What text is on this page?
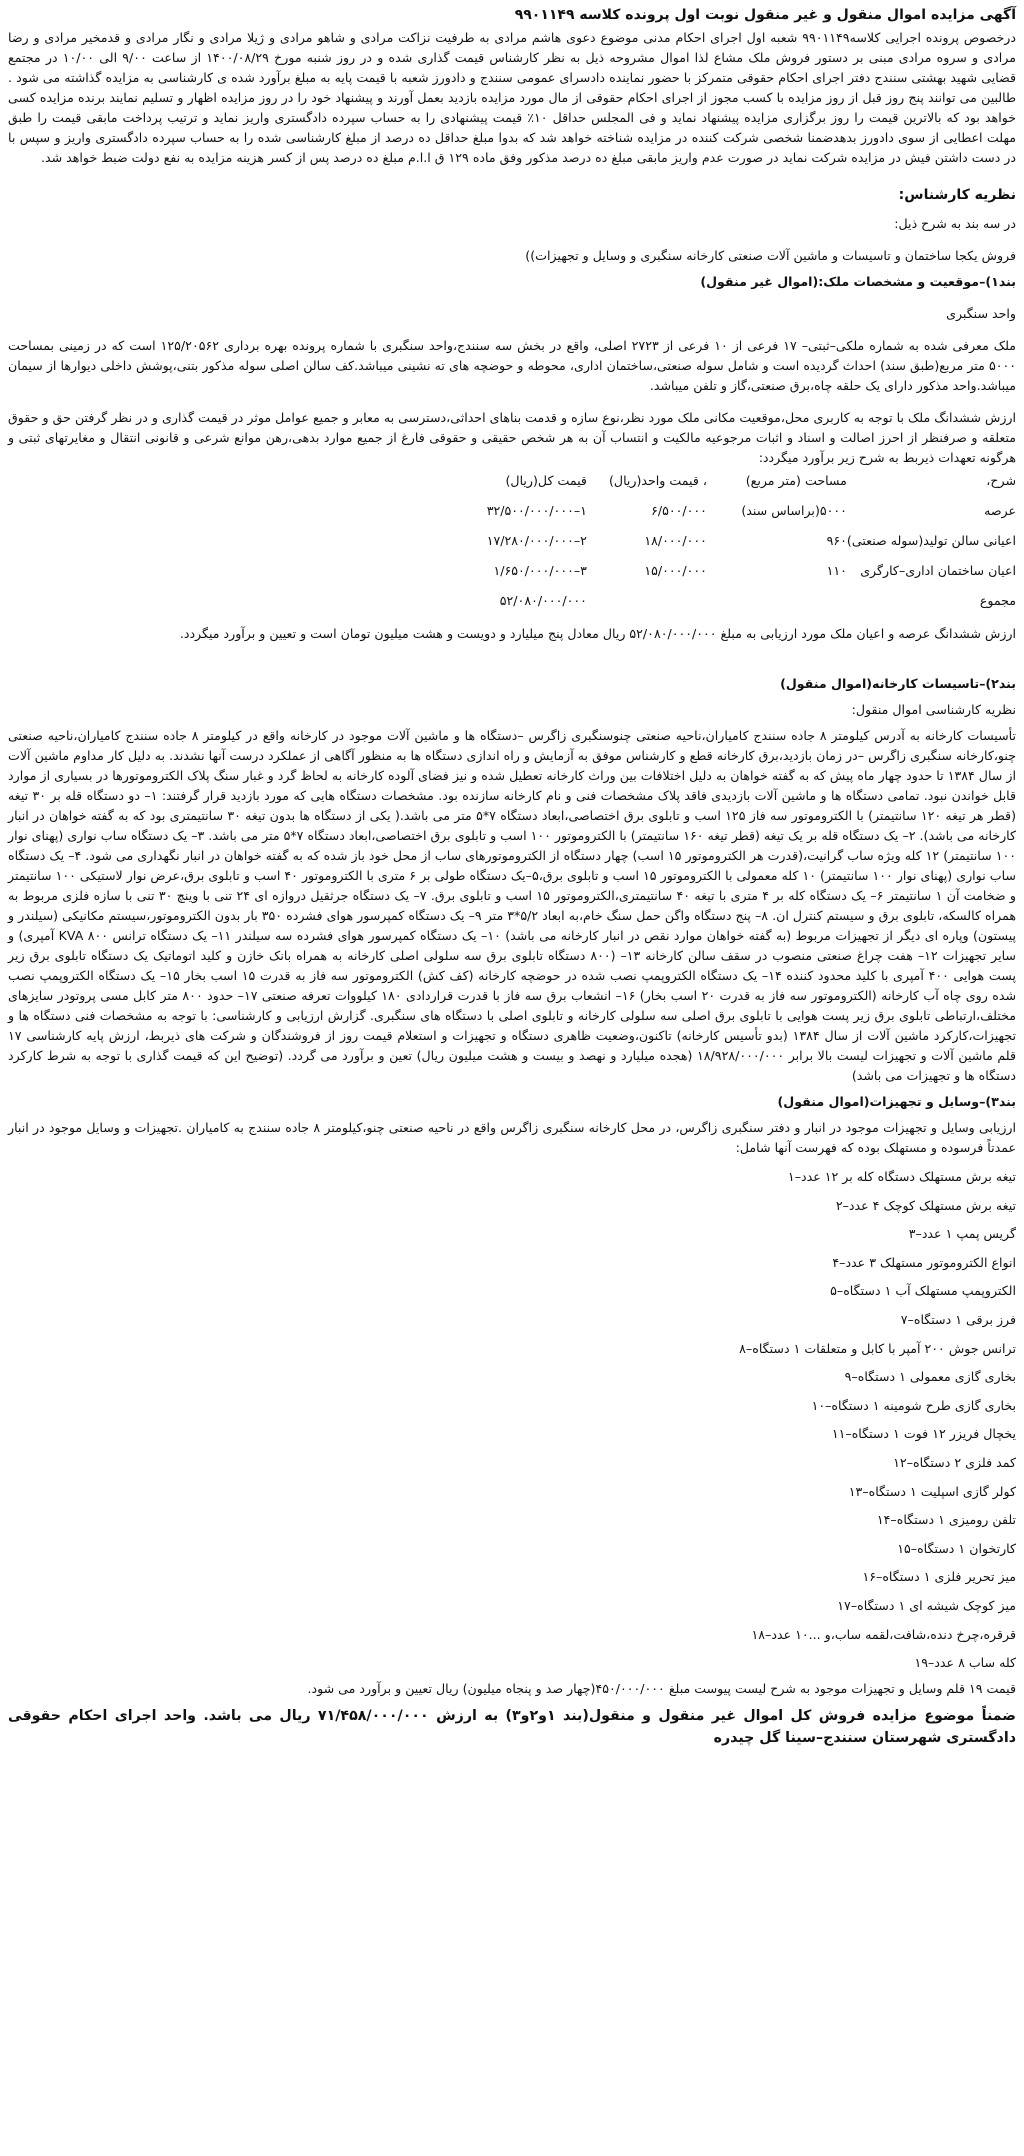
آگهی مزایده اموال منقول و غیر منقول نوبت اول پرونده کلاسه ۹۹۰۱۱۴۹

درخصوص پرونده اجرایی کلاسه۹۹۰۱۱۴۹ شعبه اول اجرای احکام مدنی موضوع دعوی هاشم مرادی به طرفیت نزاکت مرادی و شاهو مرادی و ژیلا مرادی و نگار مرادی و قدمخیر مرادی و رضا مرادی و سروه مرادی مبنی بر دستور فروش ملک مشاع لذا اموال مشروحه ذیل به نظر کارشناس قیمت گذاری شده و در روز شنبه مورخ ۱۴۰۰/۰۸/۲۹ از ساعت ۹/۰۰ الی ۱۰/۰۰ در مجتمع قضایی شهید بهشتی سنندج دفتر اجرای احکام حقوقی متمرکز با حضور نماینده دادسرای عمومی سنندج و دادورز شعبه با قیمت پایه به مبلغ برآورد شده ی کارشناسی به مزایده گذاشته می شود . طالبین می توانند پنج روز قبل از روز مزایده با کسب مجوز از اجرای احکام حقوقی از مال مورد مزایده بازدید بعمل آورند و پیشنهاد خود را در روز مزایده اظهار و تسلیم نمایند برنده مزایده کسی خواهد بود که بالاترین قیمت را روز برگزاری مزایده پیشنهاد نماید و فی المجلس حداقل ۱۰٪ قیمت پیشنهادی را به حساب سپرده دادگستری واریز نماید و ترتیب پرداخت مابقی قیمت را طبق مهلت اعطایی از سوی دادورز بدهدضمنا شخصی شرکت کننده در مزایده شناخته خواهد شد که بدوا مبلغ حداقل ده درصد از مبلغ کارشناسی شده را به حساب سپرده دادگستری واریز و سپس با در دست داشتن فیش در مزایده شرکت نماید در صورت عدم واریز مابقی مبلغ ده درصد مذکور وفق ماده ۱۲۹ ق ا.ا.م مبلغ ده درصد پس از کسر هزینه مزایده به نفع دولت ضبط خواهد شد.

نظریه کارشناس:

در سه بند به شرح ذیل:

فروش یکجا ساختمان و تاسیسات و ماشین آلات صنعتی کارخانه سنگبری و وسایل و تجهیزات))

بند۱)–موقعیت و مشخصات ملک:(اموال غیر منقول)

واحد سنگبری

ملک معرفی شده به شماره ملکی–ثبتی– ۱۷ فرعی از ۱۰ فرعی از ۲۷۲۳ اصلی، واقع در بخش سه سنندج،واحد سنگبری با شماره پرونده بهره برداری ۱۲۵/۲۰۵۶۲ است که در زمینی بمساحت ۵۰۰۰ متر مربع(طبق سند) احداث گردیده است و شامل سوله صنعتی،ساختمان اداری، محوطه و حوضچه های ته نشینی میباشد.کف سالن اصلی سوله مذکور بتنی،پوشش داخلی دیوارها از سیمان میباشد.واحد مذکور دارای یک حلقه چاه،برق صنعتی،گاز و تلفن میباشد.

ارزش ششدانگ ملک با توجه به کاربری محل،موقعیت مکانی ملک مورد نظر،نوع سازه و قدمت بناهای احداثی،دسترسی به معابر و جمیع عوامل موثر در قیمت گذاری و در نظر گرفتن حق و حقوق متعلقه و صرفنظر از احرز اصالت و اسناد و اثبات مرجوعیه مالکیت و انتساب آن به هر شخص حقیقی و حقوقی فارغ از جمیع موارد بدهی،رهن موانع شرعی و قانونی انتقال و مغایرتهای ثبتی و هرگونه تعهدات ذیربط به شرح زیر برآورد میگردد:

شرح،	مساحت (متر مربع)	، قیمت واحد(ریال)	قیمت کل(ریال)
عرصه	۵۰۰۰(براساس سند)	۶/۵۰۰/۰۰۰	۱–۳۲/۵۰۰/۰۰۰/۰۰۰
اعیانی سالن تولید(سوله صنعتی)	۹۶۰	۱۸/۰۰۰/۰۰۰	۲–۱۷/۲۸۰/۰۰۰/۰۰۰
اعیان ساختمان اداری–کارگری	۱۱۰	۱۵/۰۰۰/۰۰۰	۳–۱/۶۵۰/۰۰۰/۰۰۰
مجموع			۵۲/۰۸۰/۰۰۰/۰۰۰

ارزش ششدانگ عرصه و اعیان ملک مورد ارزیابی به مبلغ ۵۲/۰۸۰/۰۰۰/۰۰۰ ریال معادل پنج میلیارد و دویست و هشت میلیون تومان است و تعیین و برآورد میگردد.

بند۲)–تاسیسات کارخانه(اموال منقول)

نظریه کارشناسی اموال منقول:

تأسیسات کارخانه به آدرس کیلومتر ۸ جاده سنندج کامیاران،ناحیه صنعتی چنوسنگبری زاگرس –دستگاه ها و ماشین آلات موجود در کارخانه واقع در کیلومتر ۸ جاده سنندج کامیاران،ناحیه صنعتی چنو،کارخانه سنگبری زاگرس –در زمان بازدید،برق کارخانه قطع و کارشناس موفق به آزمایش و راه اندازی دستگاه ها به منظور آگاهی از عملکرد درست آنها نشدند. به دلیل کار مداوم ماشین آلات از سال ۱۳۸۴ تا حدود چهار ماه پیش که به گفته خواهان به دلیل اختلافات بین وراث کارخانه تعطیل شده و نیز فضای آلوده کارخانه به لحاظ گرد و غبار سنگ پلاک الکتروموتورها در بسیاری از موارد قابل خواندن نبود. تمامی دستگاه ها و ماشین آلات بازدیدی فاقد پلاک مشخصات فنی و نام کارخانه سازنده بود. مشخصات دستگاه هایی که مورد بازدید قرار گرفتند: ۱– دو دستگاه قله بر ۳۰ تیغه (قطر هر تیغه ۱۲۰ سانتیمتر) با الکتروموتور سه فاز ۱۲۵ اسب و تابلوی برق اختصاصی،ابعاد دستگاه ۷*۵ متر می باشد.( یکی از دستگاه ها بدون تیغه ۳۰ سانتیمتری بود که به گفته خواهان در انبار کارخانه می باشد). ۲– یک دستگاه قله بر یک تیغه (قطر تیغه ۱۶۰ سانتیمتر) با الکتروموتور ۱۰۰ اسب و تابلوی برق اختصاصی،ابعاد دستگاه ۷*۵ متر می باشد. ۳– یک دستگاه ساب نواری (پهنای نوار ۱۰۰ سانتیمتر) ۱۲ کله ویژه ساب گرانیت،(قدرت هر الکتروموتور ۱۵ اسب) چهار دستگاه از الکتروموتورهای ساب از محل خود باز شده که به گفته خواهان در انبار نگهداری می شود. ۴– یک دستگاه ساب نواری (پهنای نوار ۱۰۰ سانتیمتر) ۱۰ کله معمولی با الکتروموتور ۱۵ اسب و تابلوی برق،۵–یک دستگاه طولی بر ۶ متری با الکتروموتور ۴۰ اسب و تابلوی برق،عرض نوار لاستیکی ۱۰۰ سانتیمتر و ضخامت آن ۱ سانتیمتر ۶– یک دستگاه کله بر ۴ متری با تیغه ۴۰ سانتیمتری،الکتروموتور ۱۵ اسب و تابلوی برق. ۷– یک دستگاه جرثقیل دروازه ای ۲۴ تنی با وینچ ۳۰ تنی با سازه فلزی مربوط به همراه کالسکه، تابلوی برق و سیستم کنترل ان. ۸– پنج دستگاه واگن حمل سنگ خام،به ابعاد ۵/۲*۳ متر ۹– یک دستگاه کمپرسور هوای فشرده ۳۵۰ بار بدون الکتروموتور،سیستم مکانیکی (سیلندر و پیستون) وپاره ای دیگر از تجهیزات مربوط (به گفته خواهان موارد نقص در انبار کارخانه می باشد) ۱۰– یک دستگاه کمپرسور هوای فشرده سه سیلندر ۱۱– یک دستگاه ترانس ۸۰۰ KVA آمپری) و سایر تجهیزات ۱۲– هفت چراغ صنعتی منصوب در سقف سالن کارخانه ۱۳– (۸۰۰ دستگاه تابلوی برق سه سلولی اصلی کارخانه به همراه بانک خازن و کلید اتوماتیک یک دستگاه تابلوی برق زیر پست هوایی ۴۰۰ آمپری با کلید محدود کننده ۱۴– یک دستگاه الکتروپمپ نصب شده در حوضچه کارخانه (کف کش) الکتروموتور سه فاز به قدرت ۱۵ اسب بخار ۱۵– یک دستگاه الکتروپمپ نصب شده روی چاه آب کارخانه (الکتروموتور سه فاز به قدرت ۲۰ اسب بخار) ۱۶– انشعاب برق سه فاز با قدرت قراردادی ۱۸۰ کیلووات تعرفه صنعتی ۱۷– حدود ۸۰۰ متر کابل مسی پروتودر سایزهای مختلف،ارتباطی تابلوی برق زیر پست هوایی با تابلوی برق اصلی سه سلولی کارخانه و تابلوی اصلی با دستگاه های سنگبری. گزارش ارزیابی و کارشناسی: با توجه به مشخصات فنی دستگاه ها و تجهیزات،کارکرد ماشین آلات از سال ۱۳۸۴ (بدو تأسیس کارخانه) تاکنون،وضعیت ظاهری دستگاه و تجهیزات و استعلام قیمت روز از فروشندگان و شرکت های ذیربط، ارزش پایه کارشناسی ۱۷ قلم ماشین آلات و تجهیزات لیست بالا برابر ۱۸/۹۲۸/۰۰۰/۰۰۰ (هجده میلیارد و نهصد و بیست و هشت میلیون ریال) تعین و برآورد می گردد. (توضیح این که قیمت گذاری با توجه به شرط کارکرد دستگاه ها و تجهیزات می باشد)

بند۳)–وسایل و تجهیزات(اموال منقول)

ارزیابی وسایل و تجهیزات موجود در انبار و دفتر سنگبری زاگرس، در محل کارخانه سنگبری زاگرس واقع در ناحیه صنعتی چنو،کیلومتر ۸ جاده سنندج به کامیاران .تجهیزات و وسایل موجود در انبار عمدتاً فرسوده و مستهلک بوده که فهرست آنها شامل:

تیغه برش مستهلک دستگاه کله بر ۱۲ عدد–۱
تیغه برش مستهلک کوچک ۴ عدد–۲
گریس پمپ ۱ عدد–۳
انواع الکتروموتور مستهلک ۳ عدد–۴
الکتروپمپ مستهلک آب ۱ دستگاه–۵
فرز برقی ۱ دستگاه–۷
ترانس جوش ۲۰۰ آمپر با کابل و متعلقات ۱ دستگاه–۸
بخاری گازی معمولی ۱ دستگاه–۹
بخاری گازی طرح شومینه ۱ دستگاه–۱۰
یخچال فریزر ۱۲ فوت ۱ دستگاه–۱۱
کمد فلزی ۲ دستگاه–۱۲
کولر گازی اسپلیت ۱ دستگاه–۱۳
تلفن رومیزی ۱ دستگاه–۱۴
کارتخوان ۱ دستگاه–۱۵
میز تحریر فلزی ۱ دستگاه–۱۶
میز کوچک شیشه ای ۱ دستگاه–۱۷
قرقره،چرخ دنده،شافت،لقمه ساب،و ...۱۰ عدد–۱۸
کله ساب ۸ عدد–۱۹

قیمت ۱۹ قلم وسایل و تجهیزات موجود به شرح لیست پیوست مبلغ ۴۵۰/۰۰۰/۰۰۰(چهار صد و پنجاه میلیون) ریال تعیین و برآورد می شود.

ضمناً موضوع مزایده فروش کل اموال غیر منقول و منقول(بند ۱و۲و۳) به ارزش ۷۱/۴۵۸/۰۰۰/۰۰۰ ریال می باشد. واحد اجرای احکام حقوقی دادگستری شهرستان سنندج–سینا گل چیدره
